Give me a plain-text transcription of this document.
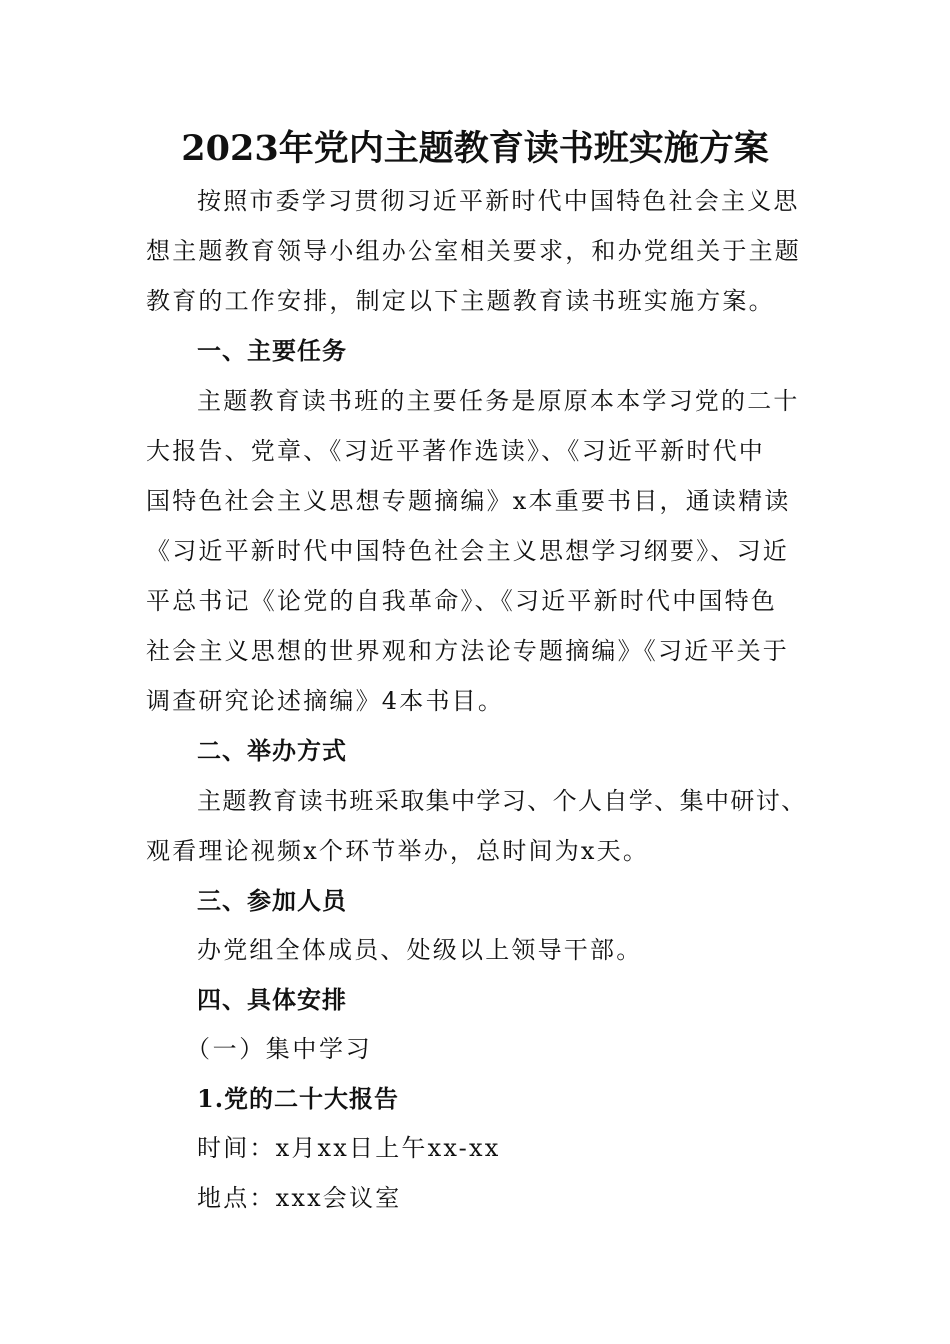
2023年党内主题教育读书班实施方案
按照市委学习贯彻习近平新时代中国特色社会主义思
想主题教育领导小组办公室相关要求，和办党组关于主题
教育的工作安排，制定以下主题教育读书班实施方案。
一、主要任务
主题教育读书班的主要任务是原原本本学习党的二十
大报告、党章、《习近平著作选读》、《习近平新时代中
国特色社会主义思想专题摘编》x本重要书目，通读精读
《习近平新时代中国特色社会主义思想学习纲要》、习近
平总书记《论党的自我革命》、《习近平新时代中国特色
社会主义思想的世界观和方法论专题摘编》《习近平关于
调查研究论述摘编》4本书目。
二、举办方式
主题教育读书班采取集中学习、个人自学、集中研讨、
观看理论视频x个环节举办，总时间为x天。
三、参加人员
办党组全体成员、处级以上领导干部。
四、具体安排
（一）集中学习
1.党的二十大报告
时间：x月xx日上午xx-xx
地点：xxx会议室
